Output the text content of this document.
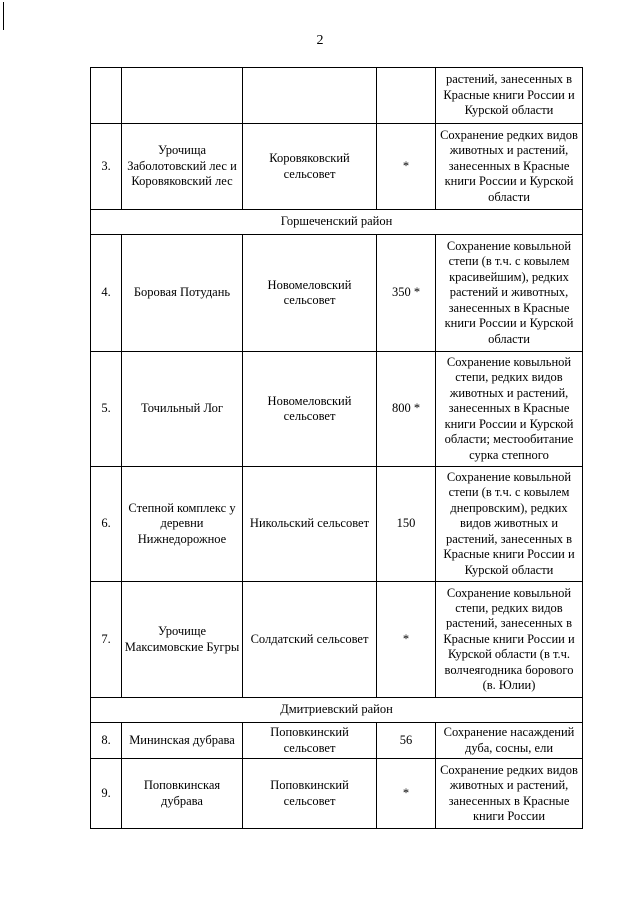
2
				растений, занесенных в Красные книги России и Курской области
3.	Урочища Заболотовский лес и Коровяковский лес	Коровяковский сельсовет	*	Сохранение редких видов животных и растений, занесенных в Красные книги России и Курской области
Горшеченский район				
4.	Боровая Потудань	Новомеловский сельсовет	350 *	Сохранение ковыльной степи (в т.ч. с ковылем красивейшим), редких растений и животных, занесенных в Красные книги России и Курской области
5.	Точильный Лог	Новомеловский сельсовет	800 *	Сохранение ковыльной степи, редких видов животных и растений, занесенных в Красные книги России и Курской области; местообитание сурка степного
6.	Степной комплекс у деревни Нижнедорожное	Никольский сельсовет	150	Сохранение ковыльной степи (в т.ч. с ковылем днепровским), редких видов животных и растений, занесенных в Красные книги России и Курской области
7.	Урочище Максимовские Бугры	Солдатский сельсовет	*	Сохранение ковыльной степи, редких видов растений, занесенных в Красные книги России и Курской области (в т.ч. волчеягодника борового (в. Юлии)
Дмитриевский район				
8.	Мининская дубрава	Поповкинский сельсовет	56	Сохранение насаждений дуба, сосны, ели
9.	Поповкинская дубрава	Поповкинский сельсовет	*	Сохранение редких видов животных и растений, занесенных в Красные книги России
